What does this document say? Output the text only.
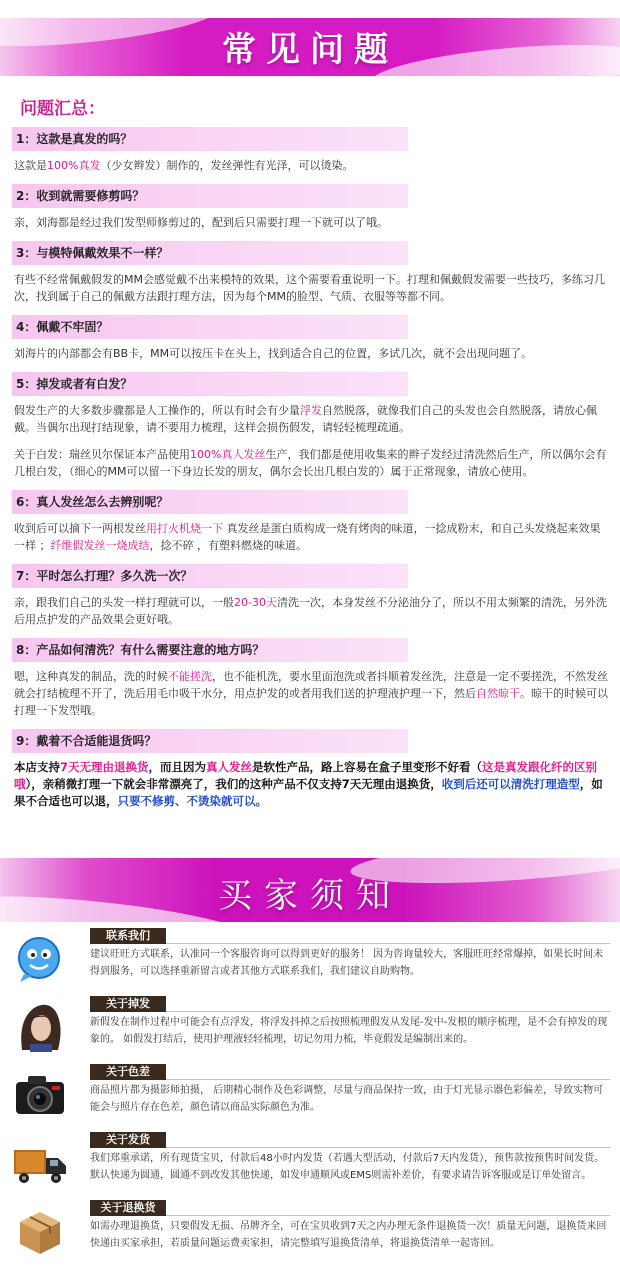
常见问题
问题汇总：
1：这款是真发的吗？
这款是100%真发（少女辫发）制作的，发丝弹性有光泽，可以烫染。
2：收到就需要修剪吗？
亲，刘海都是经过我们发型师修剪过的，配到后只需要打理一下就可以了哦。
3：与模特佩戴效果不一样？
有些不经常佩戴假发的MM会感觉戴不出来模特的效果，这个需要看重说明一下。打理和佩戴假发需要一些技巧，多练习几次，找到属于自己的佩戴方法跟打理方法，因为每个MM的脸型、气质、衣服等等都不同。
4：佩戴不牢固？
刘海片的内部都会有BB卡，MM可以按压卡在头上，找到适合自己的位置，多试几次，就不会出现问题了。
5：掉发或者有白发？
假发生产的大多数步骤都是人工操作的，所以有时会有少量浮发自然脱落，就像我们自己的头发也会自然脱落，请放心佩戴。当偶尔出现打结现象，请不要用力梳理，这样会损伤假发，请轻轻梳理疏通。
关于白发：瑞丝贝尔保证本产品使用100%真人发丝生产，我们都是使用收集来的辫子发经过清洗然后生产，所以偶尔会有几根白发，（细心的MM可以留一下身边长发的朋友，偶尔会长出几根白发的）属于正常现象，请放心使用。
6：真人发丝怎么去辨别呢？
收到后可以摘下一两根发丝用打火机烧一下 真发丝是蛋白质构成一烧有烤肉的味道，一捻成粉末，和自己头发烧起来效果一样 ；纤维假发丝一烧成结，捻不碎 ，有塑料燃烧的味道。
7：平时怎么打理？多久洗一次？
亲，跟我们自己的头发一样打理就可以，一般20-30天清洗一次，本身发丝不分泌油分了，所以不用太频繁的清洗，另外洗后用点护发的产品效果会更好哦。
8：产品如何清洗？有什么需要注意的地方吗？
嗯，这种真发的制品，洗的时候不能搓洗，也不能机洗，要水里面泡洗或者抖顺着发丝洗，注意是一定不要搓洗，不然发丝就会打结梳理不开了，洗后用毛巾吸干水分，用点护发的或者用我们送的护理液护理一下，然后自然晾干。晾干的时候可以打理一下发型哦。
9：戴着不合适能退货吗？
本店支持7天无理由退换货，而且因为真人发丝是软性产品，路上容易在盒子里变形不好看（这是真发跟化纤的区别哦），亲稍微打理一下就会非常漂亮了，我们的这种产品不仅支持7天无理由退换货，收到后还可以清洗打理造型，如果不合适也可以退，只要不修剪、不烫染就可以。
买家须知
联系我们
建议旺旺方式联系，认准同一个客服咨询可以得到更好的服务！ 因为咨询量较大，客服旺旺经常爆掉，如果长时间未得到服务，可以选择重新留言或者其他方式联系我们，我们建议自助购物。
关于掉发
新假发在制作过程中可能会有点浮发，将浮发抖掉之后按照梳理假发从发尾-发中-发根的顺序梳理，是不会有掉发的现象的。 如假发打结后，使用护理液轻轻梳理，切记勿用力梳，毕竟假发是编制出来的。
关于色差
商品照片都为摄影师拍摄， 后期精心制作及色彩调整，尽量与商品保持一致，由于灯光显示器色彩偏差，导致实物可能会与照片存在色差，颜色请以商品实际颜色为准。
关于发货
我们郑重承诺，所有现货宝贝，付款后48小时内发货（若遇大型活动，付款后7天内发货），预售款按预售时间发货。默认快递为圆通，圆通不到改发其他快递，如发申通顺风或EMS则需补差价，有要求请告诉客服或是订单处留言。
关于退换货
如需办理退换货，只要假发无损、吊牌齐全，可在宝贝收到7天之内办理无条件退换货一次！质量无问题，退换货来回快递由买家承担，若质量问题运费卖家担，请完整填写退换货清单，将退换货清单一起寄回。
